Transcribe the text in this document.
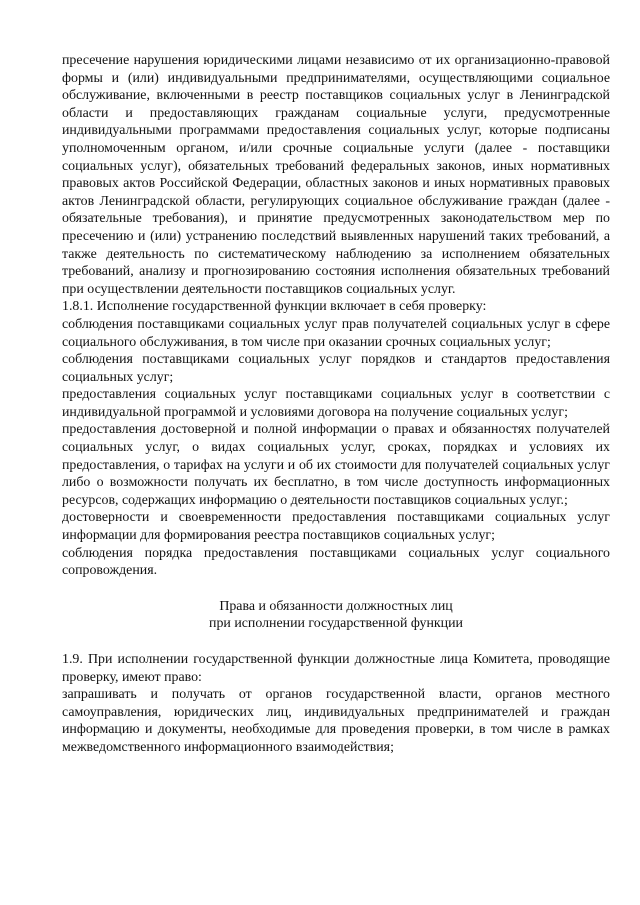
пресечение нарушения юридическими лицами независимо от их организационно-правовой формы и (или) индивидуальными предпринимателями, осуществляющими социальное обслуживание, включенными в реестр поставщиков социальных услуг в Ленинградской области и предоставляющих гражданам социальные услуги, предусмотренные индивидуальными программами предоставления социальных услуг, которые подписаны уполномоченным органом, и/или срочные социальные услуги (далее - поставщики социальных услуг), обязательных требований федеральных законов, иных нормативных правовых актов Российской Федерации, областных законов и иных нормативных правовых актов Ленинградской области, регулирующих социальное обслуживание граждан (далее - обязательные требования), и принятие предусмотренных законодательством мер по пресечению и (или) устранению последствий выявленных нарушений таких требований, а также деятельность по систематическому наблюдению за исполнением обязательных требований, анализу и прогнозированию состояния исполнения обязательных требований при осуществлении деятельности поставщиков социальных услуг.

1.8.1. Исполнение государственной функции включает в себя проверку:

соблюдения поставщиками социальных услуг прав получателей социальных услуг в сфере социального обслуживания, в том числе при оказании срочных социальных услуг;

соблюдения поставщиками социальных услуг порядков и стандартов предоставления социальных услуг;

предоставления социальных услуг поставщиками социальных услуг в соответствии с индивидуальной программой и условиями договора на получение социальных услуг;

предоставления достоверной и полной информации о правах и обязанностях получателей социальных услуг, о видах социальных услуг, сроках, порядках и условиях их предоставления, о тарифах на услуги и об их стоимости для получателей социальных услуг либо о возможности получать их бесплатно, в том числе доступность информационных ресурсов, содержащих информацию о деятельности поставщиков социальных услуг.;

достоверности и своевременности предоставления поставщиками социальных услуг информации для формирования реестра поставщиков социальных услуг;

соблюдения порядка предоставления поставщиками социальных услуг социального сопровождения.

Права и обязанности должностных лиц

при исполнении государственной функции

1.9. При исполнении государственной функции должностные лица Комитета, проводящие проверку, имеют право:

запрашивать и получать от органов государственной власти, органов местного самоуправления, юридических лиц, индивидуальных предпринимателей и граждан информацию и документы, необходимые для проведения проверки, в том числе в рамках межведомственного информационного взаимодействия;
